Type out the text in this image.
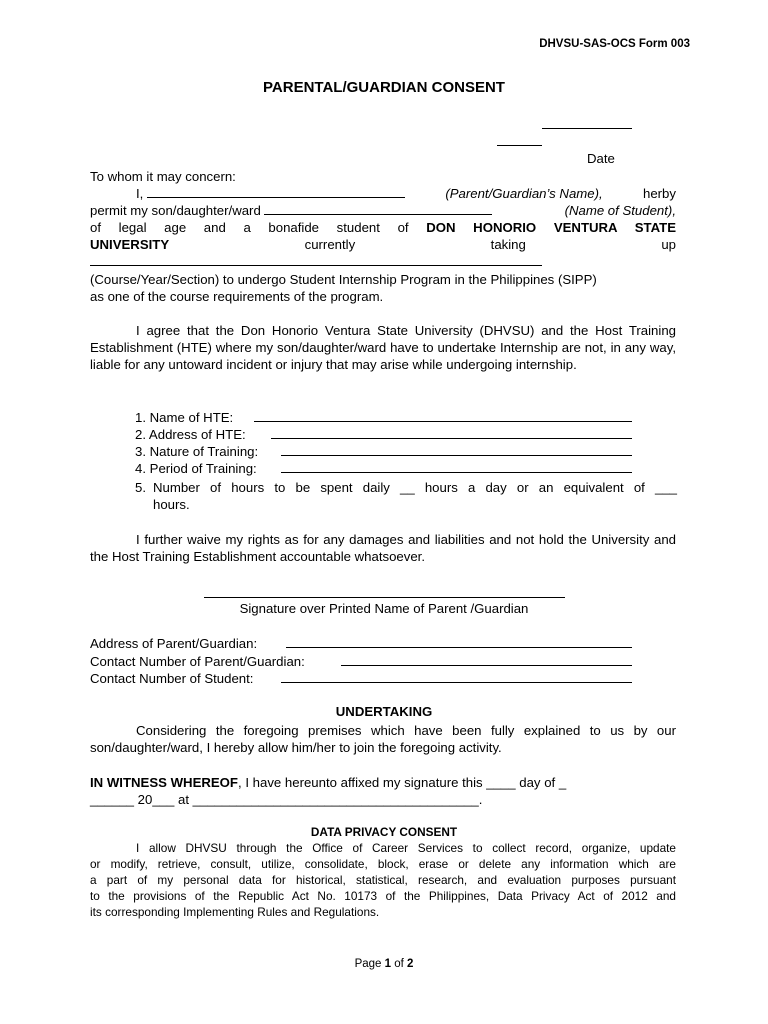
DHVSU-SAS-OCS Form 003
PARENTAL/GUARDIAN CONSENT
Date
To whom it may concern:
I,	(Parent/Guardian’s Name),	herby
permit my son/daughter/ward	(Name of Student),
of legal age and a bonafide student of DON HONORIO VENTURA STATE
UNIVERSITY	currently	taking	up
(Course/Year/Section) to undergo Student Internship Program in the Philippines (SIPP)
as one of the course requirements of the program.
I agree that the Don Honorio Ventura State University (DHVSU) and the Host Training Establishment (HTE) where my son/daughter/ward have to undertake Internship are not, in any way, liable for any untoward incident or injury that may arise while undergoing internship.
1. Name of HTE:
2. Address of HTE:
3. Nature of Training:
4. Period of Training:
5. Number of hours to be spent daily __ hours a day or an equivalent of ___
hours.
I further waive my rights as for any damages and liabilities and not hold the University and the Host Training Establishment accountable whatsoever.
Signature over Printed Name of Parent /Guardian
Address of Parent/Guardian:
Contact Number of Parent/Guardian:
Contact Number of Student:
UNDERTAKING
Considering the foregoing premises which have been fully explained to us by our
son/daughter/ward, I hereby allow him/her to join the foregoing activity.
IN WITNESS WHEREOF, I have hereunto affixed my signature this ____ day of _
______ 20___ at _______________________________________.
DATA PRIVACY CONSENT
I allow DHVSU through the Office of Career Services to collect record, organize, update
or modify, retrieve, consult, utilize, consolidate, block, erase or delete any information which are
a part of my personal data for historical, statistical, research, and evaluation purposes pursuant
to the provisions of the Republic Act No. 10173 of the Philippines, Data Privacy Act of 2012 and
its corresponding Implementing Rules and Regulations.
Page 1 of 2
